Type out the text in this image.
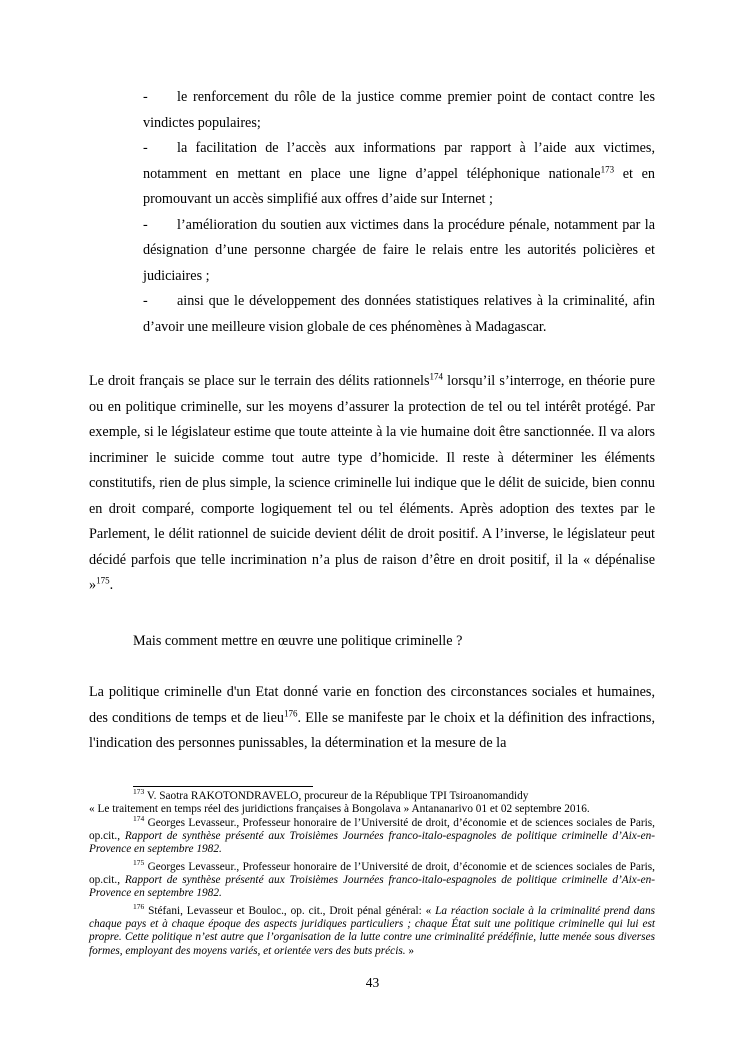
- le renforcement du rôle de la justice comme premier point de contact contre les vindictes populaires;

- la facilitation de l’accès aux informations par rapport à l’aide aux victimes, notamment en mettant en place une ligne d’appel téléphonique nationale$^{173}$ et en promouvant un accès simplifié aux offres d’aide sur Internet ;

- l’amélioration du soutien aux victimes dans la procédure pénale, notamment par la désignation d’une personne chargée de faire le relais entre les autorités policières et judiciaires ;

- ainsi que le développement des données statistiques relatives à la criminalité, afin d’avoir une meilleure vision globale de ces phénomènes à Madagascar.

Le droit français se place sur le terrain des délits rationnels$^{174}$ lorsqu’il s’interroge, en théorie pure ou en politique criminelle, sur les moyens d’assurer la protection de tel ou tel intérêt protégé. Par exemple, si le législateur estime que toute atteinte à la vie humaine doit être sanctionnée. Il va alors incriminer le suicide comme tout autre type d’homicide. Il reste à déterminer les éléments constitutifs, rien de plus simple, la science criminelle lui indique que le délit de suicide, bien connu en droit comparé, comporte logiquement tel ou tel éléments. Après adoption des textes par le Parlement, le délit rationnel de suicide devient délit de droit positif. A l’inverse, le législateur peut décidé parfois que telle incrimination n’a plus de raison d’être en droit positif, il la « dépénalise »$^{175}$.

Mais comment mettre en œuvre une politique criminelle ?

La politique criminelle d'un Etat donné varie en fonction des circonstances sociales et humaines, des conditions de temps et de lieu$^{176}$. Elle se manifeste par le choix et la définition des infractions, l'indication des personnes punissables, la détermination et la mesure de la

$^{173}$ V. Saotra RAKOTONDRAVELO, procureur de la République TPI Tsiroanomandidy
« Le traitement en temps réel des juridictions françaises à Bongolava » Antananarivo 01 et 02 septembre 2016.
$^{174}$ Georges Levasseur., Professeur honoraire de l’Université de droit, d’économie et de sciences sociales de Paris, op.cit., Rapport de synthèse présenté aux Troisièmes Journées franco-italo-espagnoles de politique criminelle d’Aix-en-Provence en septembre 1982.
$^{175}$ Georges Levasseur., Professeur honoraire de l’Université de droit, d’économie et de sciences sociales de Paris, op.cit., Rapport de synthèse présenté aux Troisièmes Journées franco-italo-espagnoles de politique criminelle d’Aix-en-Provence en septembre 1982.
$^{176}$ Stéfani, Levasseur et Bouloc., op. cit., Droit pénal général: « La réaction sociale à la criminalité prend dans chaque pays et à chaque époque des aspects juridiques particuliers ; chaque État suit une politique criminelle qui lui est propre. Cette politique n’est autre que l’organisation de la lutte contre une criminalité prédéfinie, lutte menée sous diverses formes, employant des moyens variés, et orientée vers des buts précis. »
43
